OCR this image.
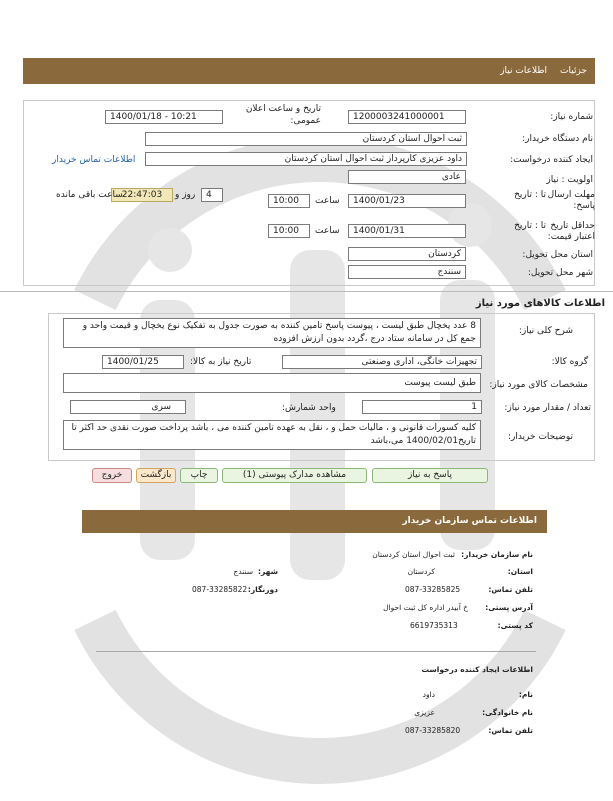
جزئیات
اطلاعات نیاز
شماره نیاز:
1200003241000001
تاریخ و ساعت اعلان عمومی:
1400/01/18 - 10:21
نام دستگاه خریدار:
ثبت احوال استان کردستان
ایجاد کننده درخواست:
داود عزیزی کارپرداز ثبت احوال استان کردستان
اطلاعات تماس خریدار
اولویت : نیاز
عادی
مهلت ارسال پاسخ:
تا : تاریخ
1400/01/23
ساعت
10:00
4
روز و
22:47:03
ساعت باقی مانده
حداقل تاریخ اعتبار قیمت:
تا : تاریخ
1400/01/31
ساعت
10:00
استان محل تحویل:
کردستان
شهر محل تحویل:
سنندج
اطلاعات کالاهای مورد نیاز
شرح کلی نیاز:
8 عدد یخچال طبق لیست ، پیوست پاسخ تامین کننده به صورت جدول به تفکیک نوع یخچال و قیمت واحد و جمع کل در سامانه ستاد درج ،گردد بدون ارزش افزوده
گروه کالا:
تجهیزات خانگی، اداری وصنعتی
تاریخ نیاز به کالا:
1400/01/25
مشخصات کالای مورد نیاز:
طبق لیست پیوست
تعداد / مقدار مورد نیاز:
1
واحد شمارش:
سری
توضیحات خریدار:
کلیه کسورات قانونی و ، مالیات حمل و ، نقل به عهده تامین کننده می ، باشد پرداخت صورت نقدی حد اکثر تا تاریخ1400/02/01 می،باشد
پاسخ به نیاز
مشاهده مدارک پیوستی (1)
چاپ
بازگشت
خروج
اطلاعات تماس سازمان خریدار
نام سازمان خریدار:
ثبت احوال استان کردستان
استان:
کردستان
شهر:
سنندج
تلفن تماس:
087-33285825
دورنگار:
087-33285822
آدرس پستی:
خ آبیدر اداره کل ثبت احوال
کد پستی:
6619735313
اطلاعات ایجاد کننده درخواست
نام:
داود
نام خانوادگی:
عزیزی
تلفن تماس:
087-33285820
